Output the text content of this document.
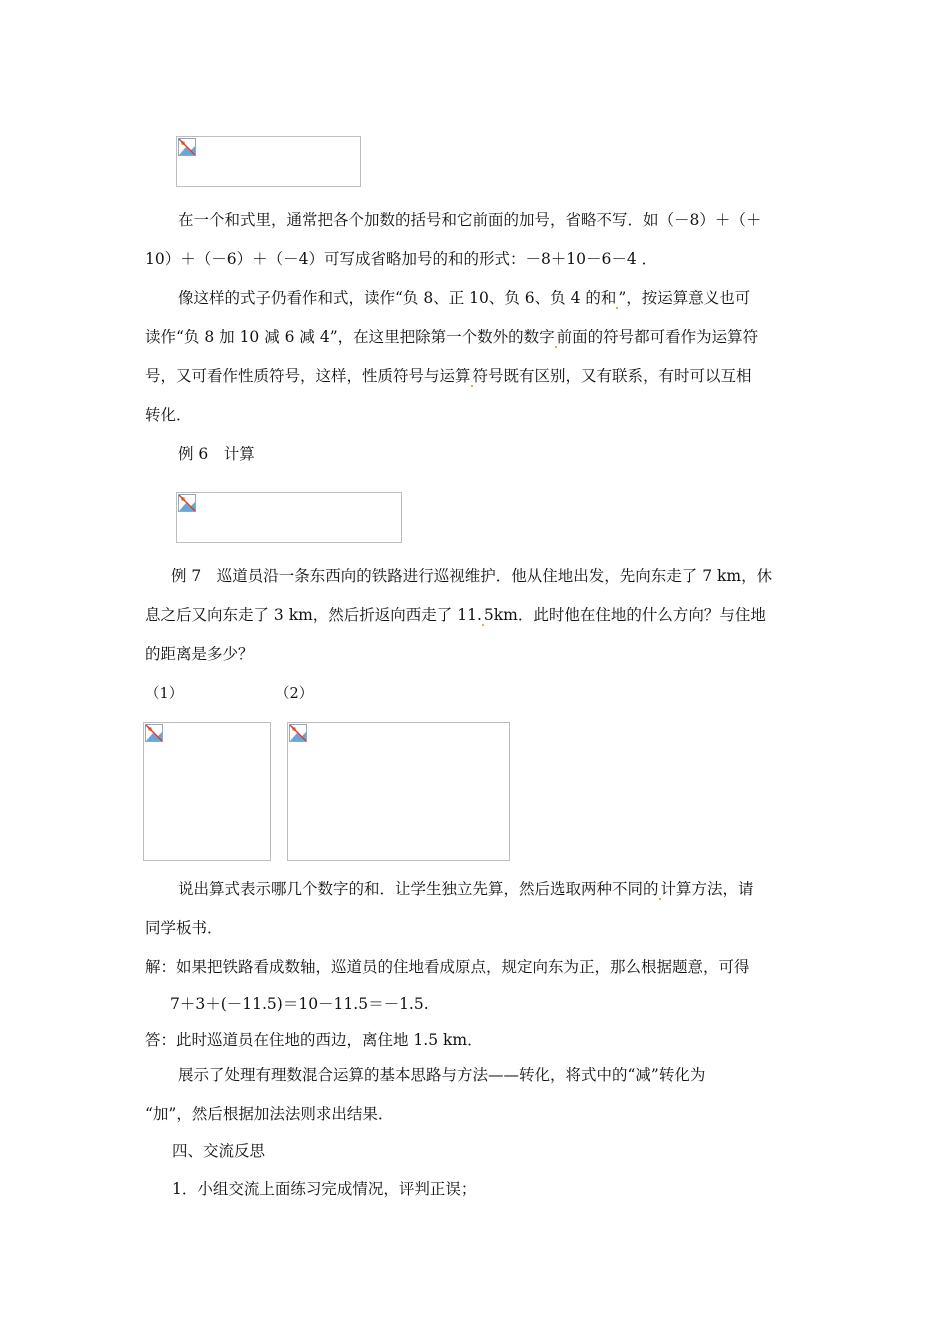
在一个和式里，通常把各个加数的括号和它前面的加号，省略不写．如（－8）＋（＋
10）＋（－6）＋（－4）可写成省略加号的和的形式：－8＋10－6－4 ．
像这样的式子仍看作和式，读作“负 8、正 10、负 6、负 4 的和 ”，按运算意义也可
读作“负 8 加 10 减 6 减 4”，在这里把除第一个数外的数字 前面的符号都可看作为运算符
号，又可看作性质符号，这样，性质符号与运算 符号既有区别，又有联系，有时可以互相
转化．
例 6　计算
例 7　巡道员沿一条东西向的铁路进行巡视维护．他从住地出发，先向东走了 7 km，休
息之后又向东走了 3 km，然后折返向西走了 11. 5km．此时他在住地的什么方向？与住地
的距离是多少？
（1）	（2）
说出算式表示哪几个数字的和．让学生独立先算，然后选取两种不同的 计算方法，请
同学板书．
解：如果把铁路看成数轴，巡道员的住地看成原点，规定向东为正，那么根据题意，可得
7＋3＋(－11.5)＝10－11.5＝－1.5.
答：此时巡道员在住地的西边，离住地 1.5 km．
展示了处理有理数混合运算的基本思路与方法——转化，将式中的“减”转化为
“加”，然后根据加法法则求出结果．
四、交流反思
1．小组交流上面练习完成情况，评判正误；
